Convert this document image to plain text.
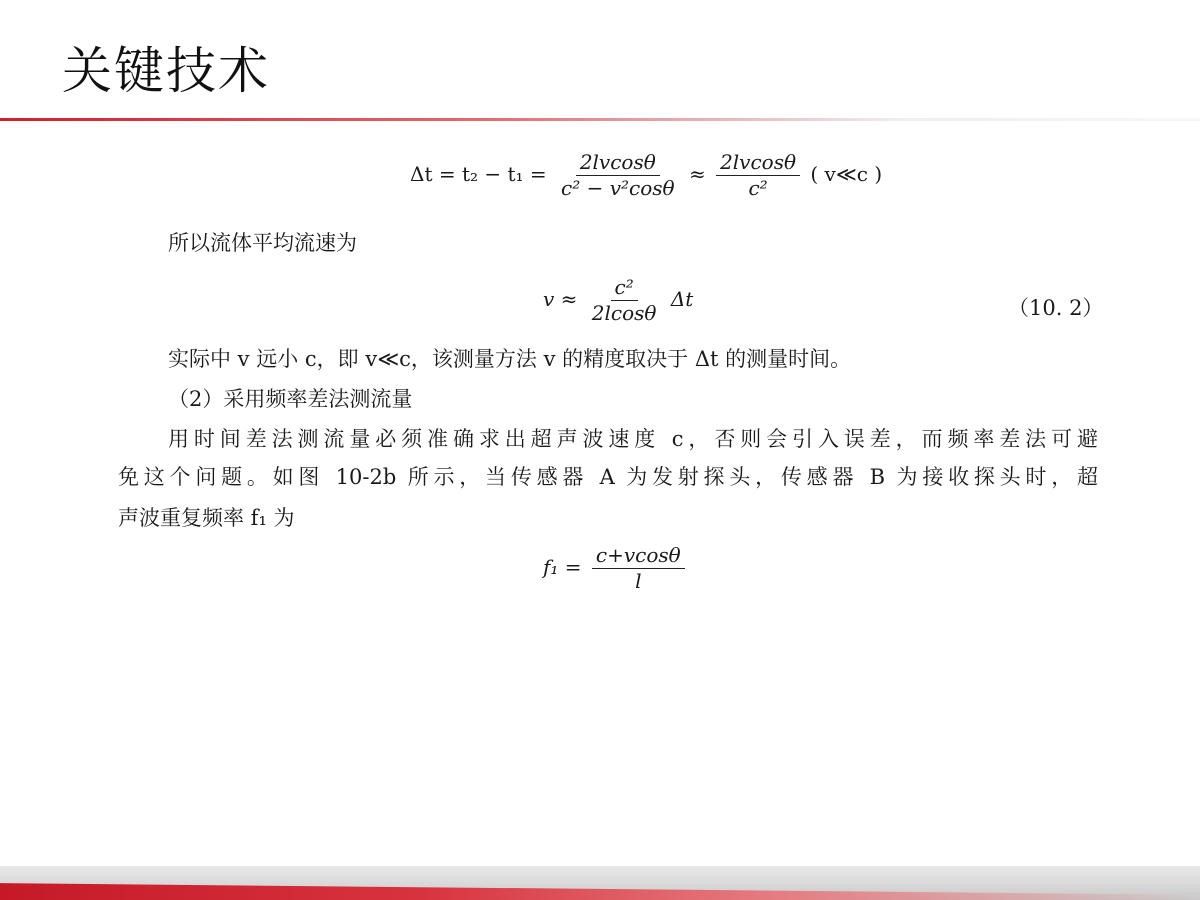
关键技术
$\Delta t = t_2 - t_1 = \frac{2lvcos\theta}{\text{c² − v²cosθ}} \approx \frac{2lvcos\theta}{\text{c²}}$ ( v≪c )
所以流体平均流速为
$v \approx \frac{\text{c²}}{2lcos\theta}$ Δt	（10. 2）
实际中 v 远小 c，即 v≪c，该测量方法 v 的精度取决于 Δt 的测量时间。
（2）采用频率差法测流量
用时间差法测流量必须准确求出超声波速度 c，否则会引入误差，而频率差法可避
免这个问题。如图 10-2b 所示，当传感器 A 为发射探头，传感器 B 为接收探头时，超
声波重复频率 f₁ 为
$f_1 = \frac{c+vcos\theta}{l}$
